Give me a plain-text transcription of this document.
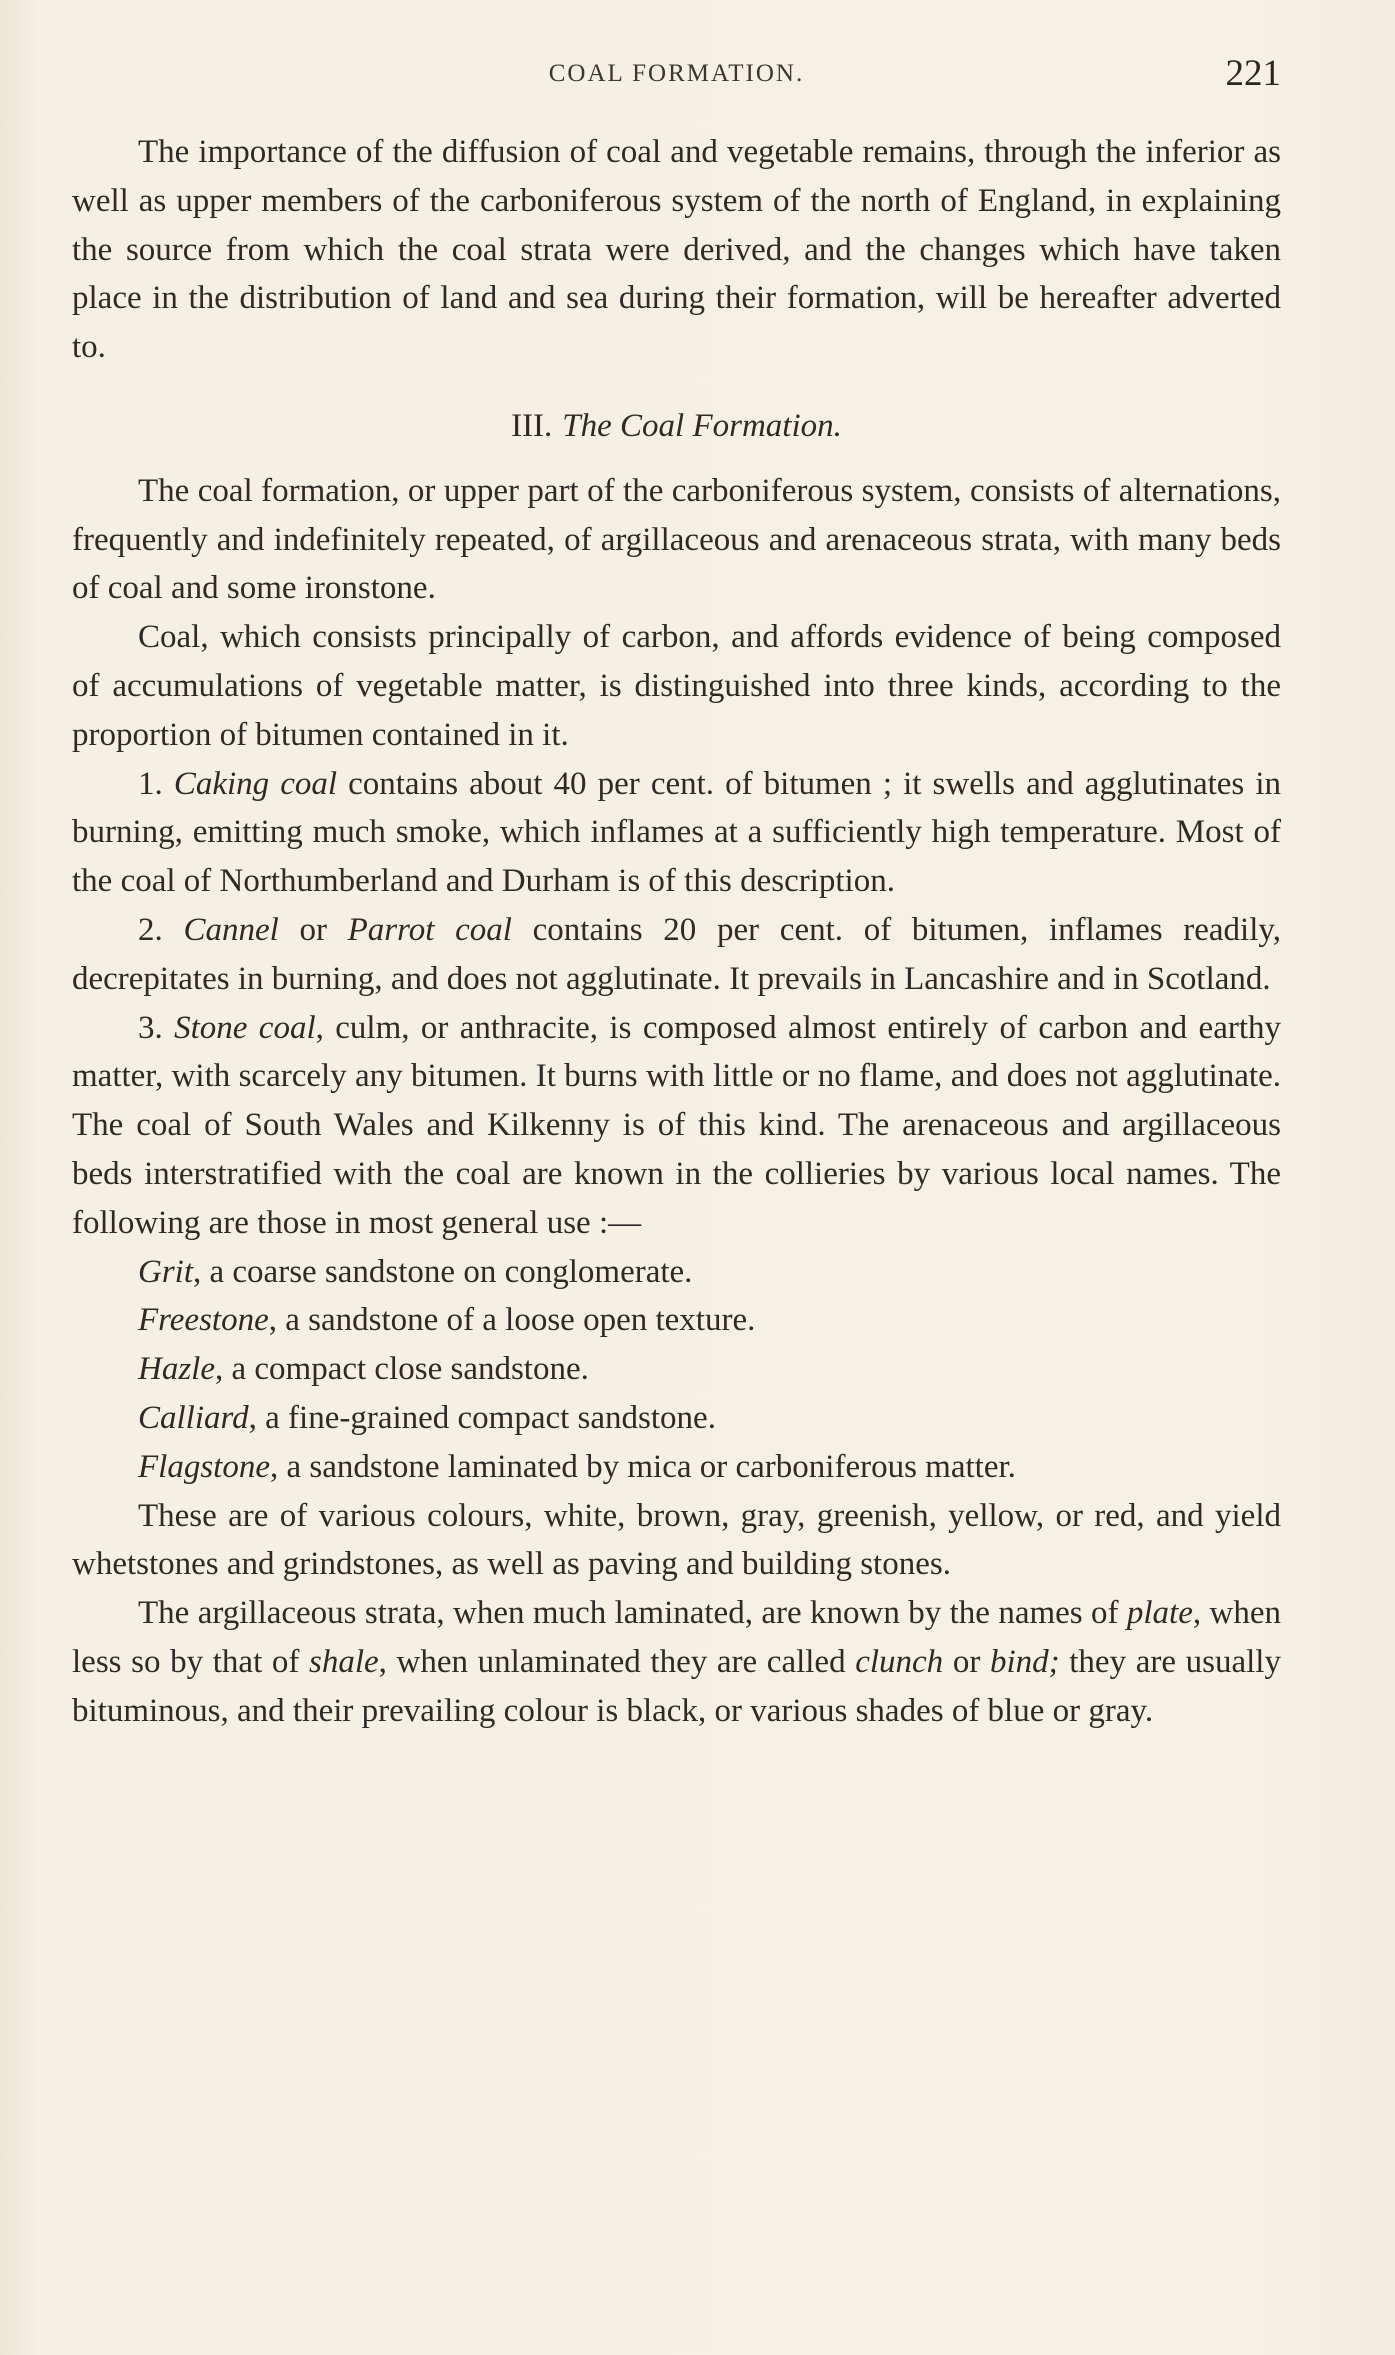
COAL FORMATION.	221

The importance of the diffusion of coal and vegetable remains, through the inferior as well as upper members of the carboniferous system of the north of England, in explaining the source from which the coal strata were derived, and the changes which have taken place in the distribution of land and sea during their formation, will be hereafter adverted to.

III. The Coal Formation.

The coal formation, or upper part of the carboniferous system, consists of alternations, frequently and indefinitely repeated, of argillaceous and arenaceous strata, with many beds of coal and some ironstone.

Coal, which consists principally of carbon, and affords evidence of being composed of accumulations of vegetable matter, is distinguished into three kinds, according to the proportion of bitumen contained in it.

1. Caking coal contains about 40 per cent. of bitumen ; it swells and agglutinates in burning, emitting much smoke, which inflames at a sufficiently high temperature. Most of the coal of Northumberland and Durham is of this description.

2. Cannel or Parrot coal contains 20 per cent. of bitumen, inflames readily, decrepitates in burning, and does not agglutinate. It prevails in Lancashire and in Scotland.

3. Stone coal, culm, or anthracite, is composed almost entirely of carbon and earthy matter, with scarcely any bitumen. It burns with little or no flame, and does not agglutinate. The coal of South Wales and Kilkenny is of this kind. The arenaceous and argillaceous beds interstratified with the coal are known in the collieries by various local names. The following are those in most general use :—

Grit, a coarse sandstone on conglomerate.

Freestone, a sandstone of a loose open texture.

Hazle, a compact close sandstone.

Calliard, a fine-grained compact sandstone.

Flagstone, a sandstone laminated by mica or carboniferous matter.

These are of various colours, white, brown, gray, greenish, yellow, or red, and yield whetstones and grindstones, as well as paving and building stones.

The argillaceous strata, when much laminated, are known by the names of plate, when less so by that of shale, when unlaminated they are called clunch or bind; they are usually bituminous, and their prevailing colour is black, or various shades of blue or gray.
